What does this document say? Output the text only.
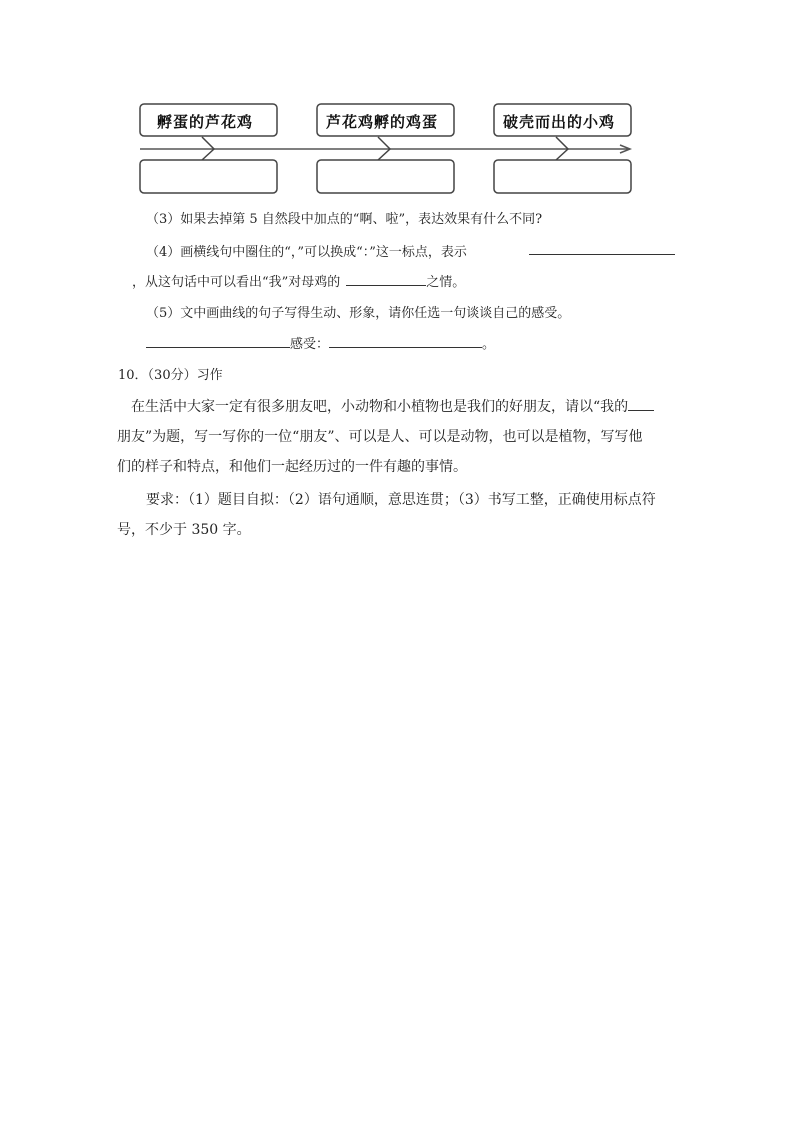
孵蛋的芦花鸡	芦花鸡孵的鸡蛋	破壳而出的小鸡
（3）如果去掉第 5 自然段中加点的“啊、啦”，表达效果有什么不同?
（4）画横线句中圈住的“，”可以换成“：”这一标点，表示
，从这句话中可以看出“我”对母鸡的	之情。
（5）文中画曲线的句子写得生动、形象，请你任选一句谈谈自己的感受。
感受：	。
10．（30分）习作
在生活中大家一定有很多朋友吧，小动物和小植物也是我们的好朋友，请以“我的
朋友”为题，写一写你的一位“朋友”、可以是人、可以是动物，也可以是植物，写写他
们的样子和特点，和他们一起经历过的一件有趣的事情。
要求：（1）题目自拟：（2）语句通顺，意思连贯；（3）书写工整，正确使用标点符
号，不少于 350 字。
